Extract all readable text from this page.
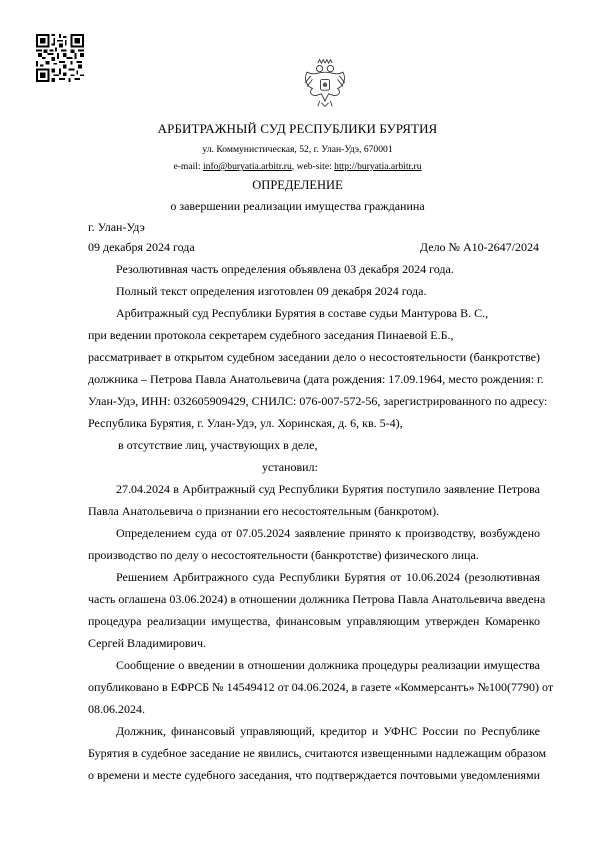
АРБИТРАЖНЫЙ СУД РЕСПУБЛИКИ БУРЯТИЯ
ул. Коммунистическая, 52, г. Улан-Удэ, 670001
e-mail: info@buryatia.arbitr.ru, web-site: http://buryatia.arbitr.ru
ОПРЕДЕЛЕНИЕ
о завершении реализации имущества гражданина
г. Улан-Удэ
09 декабря 2024 года	Дело № А10-2647/2024
Резолютивная часть определения объявлена 03 декабря 2024 года.
Полный текст определения изготовлен 09 декабря 2024 года.
Арбитражный суд Республики Бурятия в составе судьи Мантурова В. С.,
при ведении протокола секретарем судебного заседания Пинаевой Е.Б.,
рассматривает в открытом судебном заседании дело о несостоятельности (банкротстве)
должника – Петрова Павла Анатольевича (дата рождения: 17.09.1964, место рождения: г.
Улан-Удэ, ИНН: 032605909429, СНИЛС: 076-007-572-56, зарегистрированного по адресу:
Республика Бурятия, г. Улан-Удэ, ул. Хоринская, д. 6, кв. 5-4),
в отсутствие лиц, участвующих в деле,
установил:
27.04.2024 в Арбитражный суд Республики Бурятия поступило заявление Петрова
Павла Анатольевича о признании его несостоятельным (банкротом).
Определением суда от 07.05.2024 заявление принято к производству, возбуждено
производство по делу о несостоятельности (банкротстве) физического лица.
Решением Арбитражного суда Республики Бурятия от 10.06.2024 (резолютивная
часть оглашена 03.06.2024) в отношении должника Петрова Павла Анатольевича введена
процедура реализации имущества, финансовым управляющим утвержден Комаренко
Сергей Владимирович.
Сообщение о введении в отношении должника процедуры реализации имущества
опубликовано в ЕФРСБ № 14549412 от 04.06.2024, в газете «Коммерсантъ» №100(7790) от
08.06.2024.
Должник, финансовый управляющий, кредитор и УФНС России по Республике
Бурятия в судебное заседание не явились, считаются извещенными надлежащим образом
о времени и месте судебного заседания, что подтверждается почтовыми уведомлениями
